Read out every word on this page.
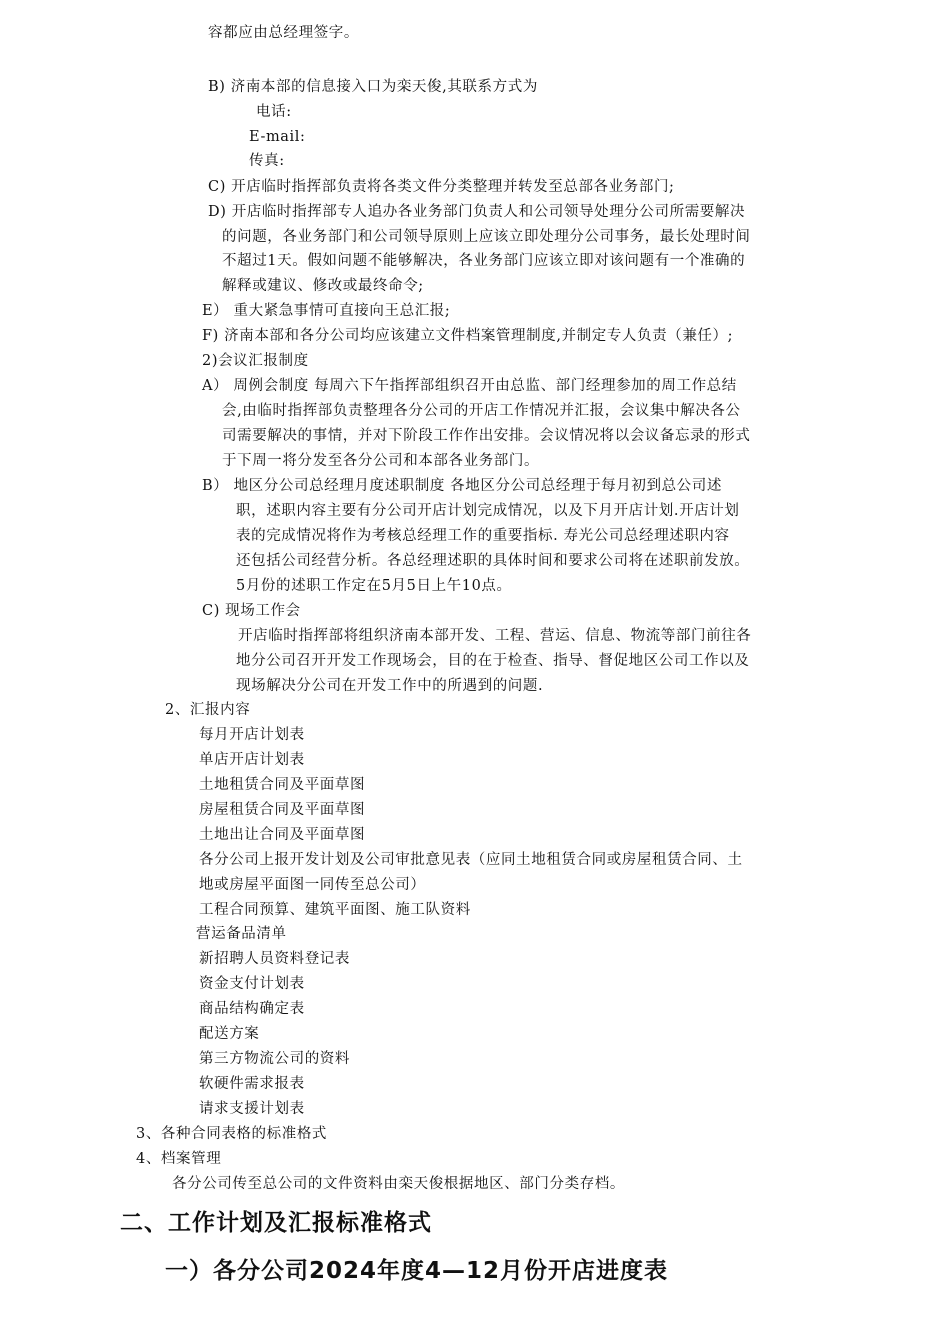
容都应由总经理签字。
B) 济南本部的信息接入口为栾天俊,其联系方式为
电话:
E-mail:
传真:
C) 开店临时指挥部负责将各类文件分类整理并转发至总部各业务部门;
D) 开店临时指挥部专人追办各业务部门负责人和公司领导处理分公司所需要解决
的问题，各业务部门和公司领导原则上应该立即处理分公司事务，最长处理时间
不超过1天。假如问题不能够解决，各业务部门应该立即对该问题有一个准确的
解释或建议、修改或最终命令;
E） 重大紧急事情可直接向王总汇报;
F) 济南本部和各分公司均应该建立文件档案管理制度,并制定专人负责（兼任）;
2)会议汇报制度
A） 周例会制度 每周六下午指挥部组织召开由总监、部门经理参加的周工作总结
会,由临时指挥部负责整理各分公司的开店工作情况并汇报，会议集中解决各公
司需要解决的事情，并对下阶段工作作出安排。会议情况将以会议备忘录的形式
于下周一将分发至各分公司和本部各业务部门。
B） 地区分公司总经理月度述职制度 各地区分公司总经理于每月初到总公司述
职，述职内容主要有分公司开店计划完成情况，以及下月开店计划.开店计划
表的完成情况将作为考核总经理工作的重要指标. 寿光公司总经理述职内容
还包括公司经营分析。各总经理述职的具体时间和要求公司将在述职前发放。
5月份的述职工作定在5月5日上午10点。
C) 现场工作会
开店临时指挥部将组织济南本部开发、工程、营运、信息、物流等部门前往各
地分公司召开开发工作现场会，目的在于检查、指导、督促地区公司工作以及
现场解决分公司在开发工作中的所遇到的问题.
2、汇报内容
每月开店计划表
单店开店计划表
土地租赁合同及平面草图
房屋租赁合同及平面草图
土地出让合同及平面草图
各分公司上报开发计划及公司审批意见表（应同土地租赁合同或房屋租赁合同、土
地或房屋平面图一同传至总公司）
工程合同预算、建筑平面图、施工队资料
营运备品清单
新招聘人员资料登记表
资金支付计划表
商品结构确定表
配送方案
第三方物流公司的资料
软硬件需求报表
请求支援计划表
3、各种合同表格的标准格式
4、档案管理
各分公司传至总公司的文件资料由栾天俊根据地区、部门分类存档。
二、工作计划及汇报标准格式
一）各分公司2024年度4—12月份开店进度表
